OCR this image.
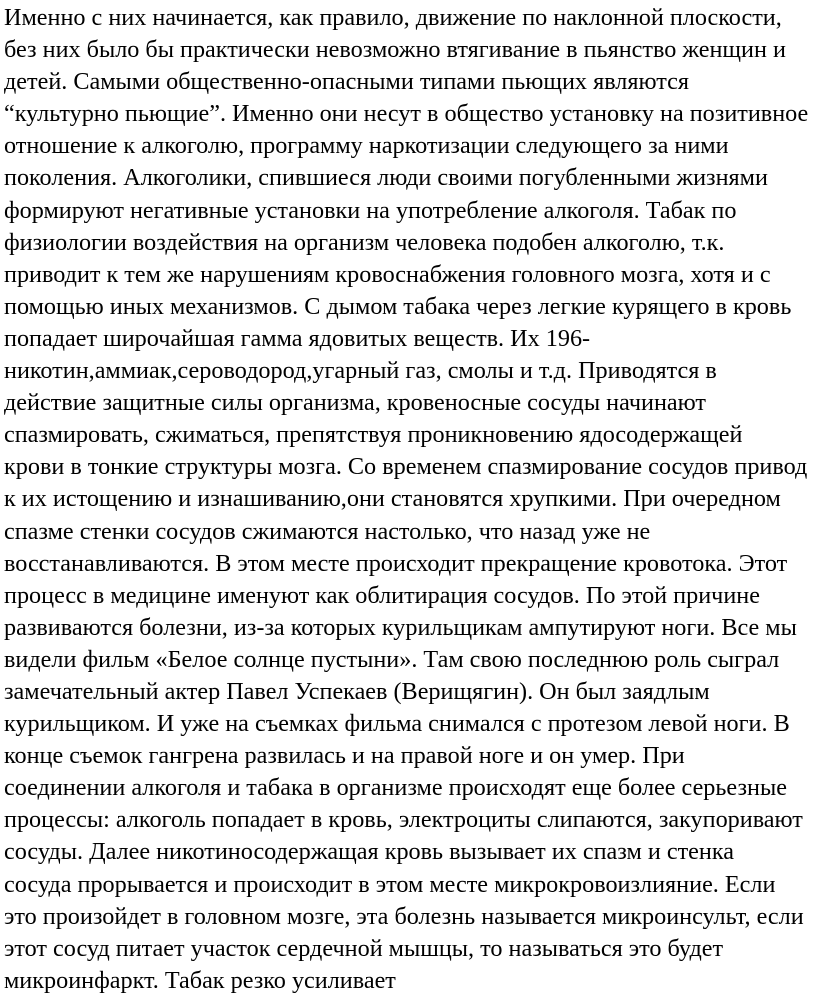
Именно с них начинается, как правило, движение по наклонной плоскости,
без них было бы практически невозможно втягивание в пьянство женщин и
детей. Самыми общественно-опасными типами пьющих являются
“культурно пьющие”. Именно они несут в общество установку на позитивное
отношение к алкоголю, программу наркотизации следующего за ними
поколения. Алкоголики, спившиеся люди своими погубленными жизнями
формируют негативные установки на употребление алкоголя. Табак по
физиологии воздействия на организм человека подобен алкоголю, т.к.
приводит к тем же нарушениям кровоснабжения головного мозга, хотя и с
помощью иных механизмов. С дымом табака через легкие курящего в кровь
попадает широчайшая гамма ядовитых веществ. Их 196-
никотин,аммиак,сероводород,угарный газ, смолы и т.д. Приводятся в
действие защитные силы организма, кровеносные сосуды начинают
спазмировать, сжиматься, препятствуя проникновению ядосодержащей
крови в тонкие структуры мозга. Со временем спазмирование сосудов привод
к их истощению и изнашиванию,они становятся хрупкими. При очередном
спазме стенки сосудов сжимаются настолько, что назад уже не
восстанавливаются. В этом месте происходит прекращение кровотока. Этот
процесс в медицине именуют как облитирация сосудов. По этой причине
развиваются болезни, из-за которых курильщикам ампутируют ноги. Все мы
видели фильм «Белое солнце пустыни». Там свою последнюю роль сыграл
замечательный актер Павел Успекаев (Верищягин). Он был заядлым
курильщиком. И уже на съемках фильма снимался с протезом левой ноги. В
конце съемок гангрена развилась и на правой ноге и он умер. При
соединении алкоголя и табака в организме происходят еще более серьезные
процессы: алкоголь попадает в кровь, электроциты слипаются, закупоривают
сосуды. Далее никотиносодержащая кровь вызывает их спазм и стенка
сосуда прорывается и происходит в этом месте микрокровоизлияние. Если
это произойдет в головном мозге, эта болезнь называется микроинсульт, если
этот сосуд питает участок сердечной мышцы, то называться это будет
микроинфаркт. Табак резко усиливает
